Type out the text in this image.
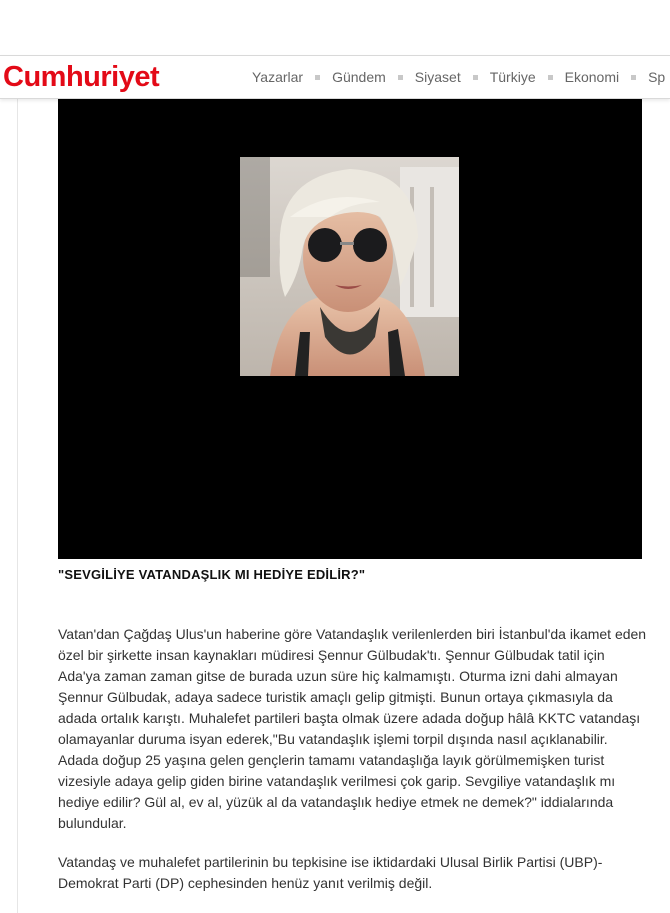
Cumhuriyet	Yazarlar Gündem Siyaset Türkiye Ekonomi Sp
"SEVGİLİYE VATANDAŞLIK MI HEDİYE EDİLİR?"

Vatan'dan Çağdaş Ulus'un haberine göre Vatandaşlık verilenlerden biri İstanbul'da ikamet eden özel bir şirkette insan kaynakları müdiresi Şennur Gülbudak'tı. Şennur Gülbudak tatil için Ada'ya zaman zaman gitse de burada uzun süre hiç kalmamıştı. Oturma izni dahi almayan Şennur Gülbudak, adaya sadece turistik amaçlı gelip gitmişti. Bunun ortaya çıkmasıyla da adada ortalık karıştı. Muhalefet partileri başta olmak üzere adada doğup hâlâ KKTC vatandaşı olamayanlar duruma isyan ederek,"Bu vatandaşlık işlemi torpil dışında nasıl açıklanabilir. Adada doğup 25 yaşına gelen gençlerin tamamı vatandaşlığa layık görülmemişken turist vizesiyle adaya gelip giden birine vatandaşlık verilmesi çok garip. Sevgiliye vatandaşlık mı hediye edilir? Gül al, ev al, yüzük al da vatandaşlık hediye etmek ne demek?" iddialarında bulundular.

Vatandaş ve muhalefet partilerinin bu tepkisine ise iktidardaki Ulusal Birlik Partisi (UBP)-Demokrat Parti (DP) cephesinden henüz yanıt verilmiş değil.
